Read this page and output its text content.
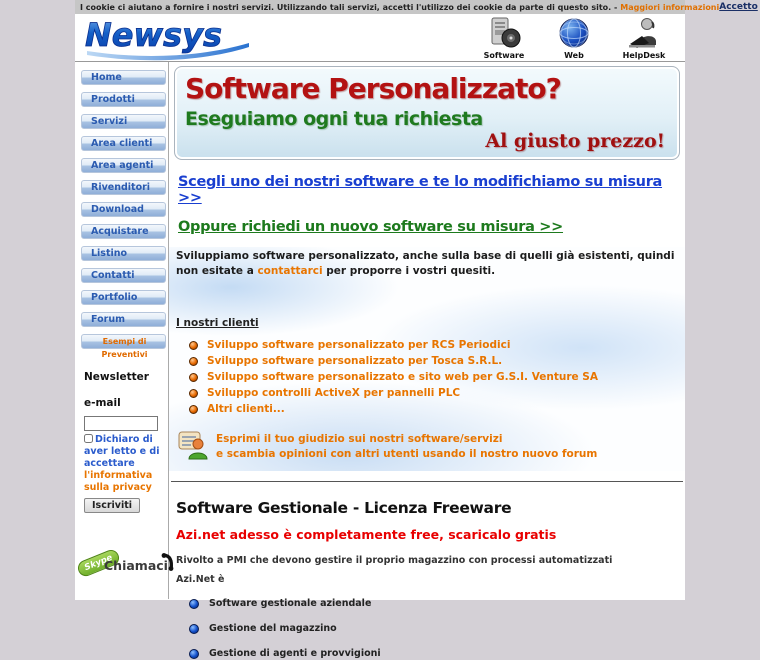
I cookie ci aiutano a fornire i nostri servizi. Utilizzando tali servizi, accetti l'utilizzo dei cookie da parte di questo sito. - Maggiori informazioni Accetto
Newsys
Software	Web	HelpDesk
Home
Prodotti
Servizi
Area clienti
Area agenti
Rivenditori
Download
Acquistare
Listino
Contatti
Portfolio
Forum
Esempi di Preventivi
Newsletter
e-mail
Dichiaro di aver letto e di accettare l'informativa sulla privacy
Iscriviti
Skype
Chiamaci
Software Personalizzato?
Eseguiamo ogni tua richiesta
Al giusto prezzo!
Scegli uno dei nostri software e te lo modifichiamo su misura >>
Oppure richiedi un nuovo software su misura >>
Sviluppiamo software personalizzato, anche sulla base di quelli già esistenti, quindi non esitate a contattarci per proporre i vostri quesiti.
I nostri clienti
Sviluppo software personalizzato per RCS Periodici
Sviluppo software personalizzato per Tosca S.R.L.
Sviluppo software personalizzato e sito web per G.S.I. Venture SA
Sviluppo controlli ActiveX per pannelli PLC
Altri clienti...
Esprimi il tuo giudizio sui nostri software/servizi
e scambia opinioni con altri utenti usando il nostro nuovo forum
Software Gestionale - Licenza Freeware
Azi.net adesso è completamente free, scaricalo gratis
Rivolto a PMI che devono gestire il proprio magazzino con processi automatizzati
Azi.Net è
Software gestionale aziendale
Gestione del magazzino
Gestione di agenti e provvigioni
